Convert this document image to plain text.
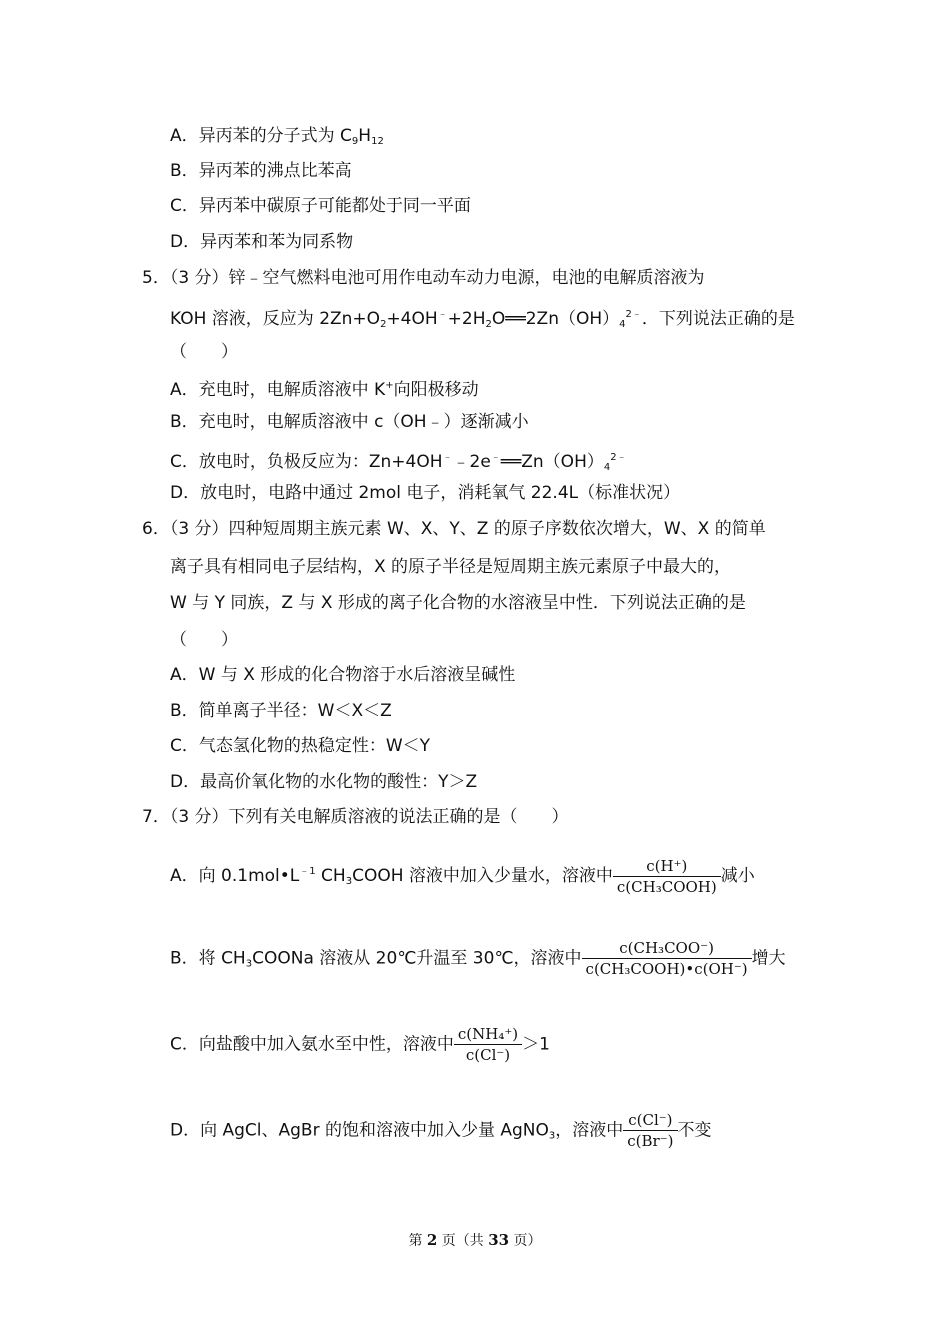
A．异丙苯的分子式为 $C_9H_{12}$
B．异丙苯的沸点比苯高
C．异丙苯中碳原子可能都处于同一平面
D．异丙苯和苯为同系物
5．（3 分）锌﹣空气燃料电池可用作电动车动力电源，电池的电解质溶液为
KOH 溶液，反应为 $2Zn+O_2+4OH^﹣+2H_2O══2Zn(OH)_4^{2﹣}$．下列说法正确的是
（　　）
A．充电时，电解质溶液中 K+向阳极移动
B．充电时，电解质溶液中 c（OH﹣）逐渐减小
C．放电时，负极反应为：$Zn+4OH^﹣﹣2e^﹣══Zn(OH)_4^{2﹣}$
D．放电时，电路中通过 2mol 电子，消耗氧气 22.4L（标准状况）
6．（3 分）四种短周期主族元素 W、X、Y、Z 的原子序数依次增大，W、X 的简单
离子具有相同电子层结构，X 的原子半径是短周期主族元素原子中最大的，
W 与 Y 同族，Z 与 X 形成的离子化合物的水溶液呈中性．下列说法正确的是
（　　）
A．W 与 X 形成的化合物溶于水后溶液呈碱性
B．简单离子半径：W＜X＜Z
C．气态氢化物的热稳定性：W＜Y
D．最高价氧化物的水化物的酸性：Y＞Z
7．（3 分）下列有关电解质溶液的说法正确的是（　　）
A．向 $0.1mol•L^{﹣1}$ $CH_3COOH$ 溶液中加入少量水，溶液中 $\frac{c(H^+)}{\text{c(CH₃COOH)}}$ 减小
B．将 $CH_3COONa$ 溶液从 20℃升温至 30℃，溶液中 $\frac{\text{c(CH₃COO⁻)}}{\text{c(CH₃COOH)•c(OH⁻)}}$ 增大
C．向盐酸中加入氨水至中性，溶液中 $\frac{\text{c(NH₄⁺)}}{c(Cl^-)} >1$
D．向 AgCl、AgBr 的饱和溶液中加入少量 AgNO$_3$，溶液中 $\frac{c(Cl^-)}{c(Br^-)}$ 不变
第 2 页（共 33 页）
